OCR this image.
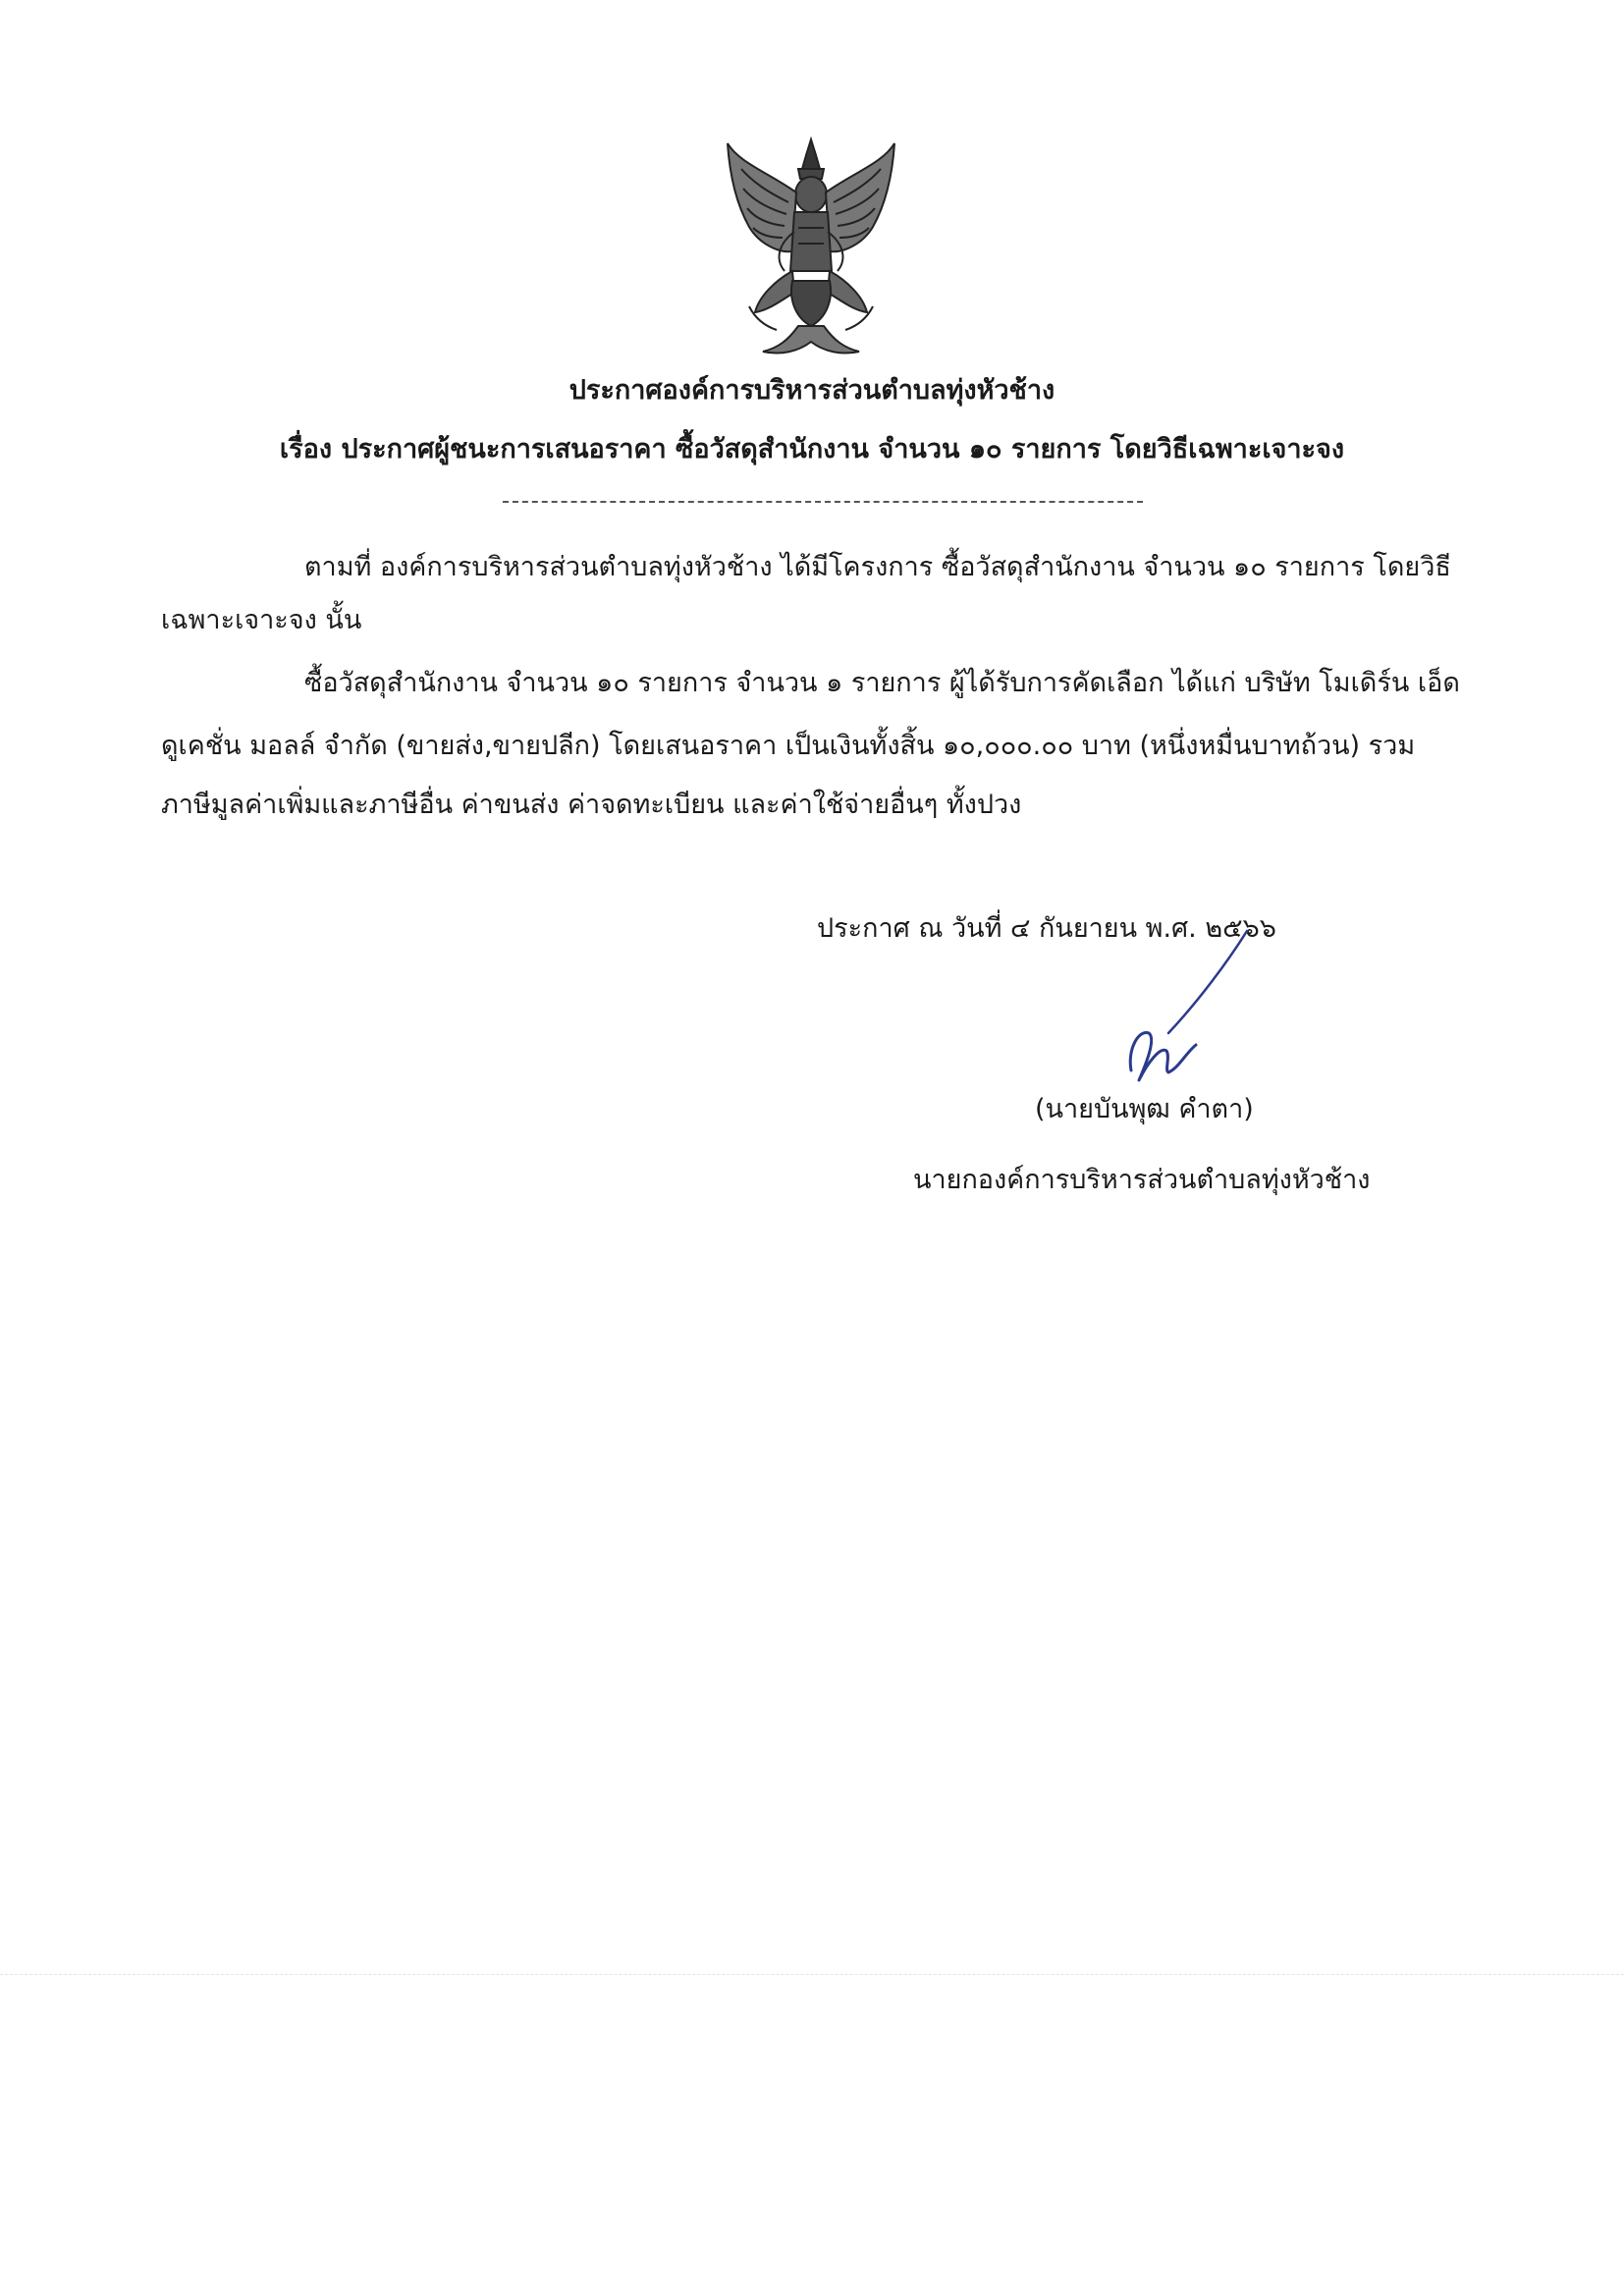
ประกาศองค์การบริหารส่วนตำบลทุ่งหัวช้าง
เรื่อง ประกาศผู้ชนะการเสนอราคา ซื้อวัสดุสำนักงาน จำนวน ๑๐ รายการ โดยวิธีเฉพาะเจาะจง
ตามที่ องค์การบริหารส่วนตำบลทุ่งหัวช้าง ได้มีโครงการ ซื้อวัสดุสำนักงาน จำนวน ๑๐ รายการ โดยวิธี
เฉพาะเจาะจง นั้น
ซื้อวัสดุสำนักงาน จำนวน ๑๐ รายการ จำนวน ๑ รายการ ผู้ได้รับการคัดเลือก ได้แก่ บริษัท โมเดิร์น เอ็ด
ดูเคชั่น มอลล์ จำกัด (ขายส่ง,ขายปลีก) โดยเสนอราคา เป็นเงินทั้งสิ้น ๑๐,๐๐๐.๐๐ บาท (หนึ่งหมื่นบาทถ้วน) รวม
ภาษีมูลค่าเพิ่มและภาษีอื่น ค่าขนส่ง ค่าจดทะเบียน และค่าใช้จ่ายอื่นๆ ทั้งปวง
ประกาศ ณ วันที่ ๔ กันยายน พ.ศ. ๒๕๖๖
(นายบันพุฒ คำตา)
นายกองค์การบริหารส่วนตำบลทุ่งหัวช้าง
